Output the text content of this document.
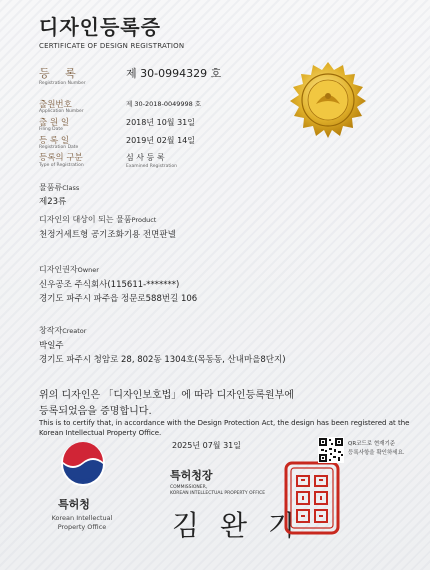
디자인등록증
CERTIFICATE OF DESIGN REGISTRATION
등 록
Registration Number
제 30-0994329 호
출원번호
Application Number
제 30-2018-0049998 호
출 원 일
Filing Date
2018년 10월 31일
등 록 일
Registration Date
2019년 02월 14일
등록의 구분
Type of Registration
심 사 등 록
Examined Registration
물품류Class
제23류
디자인의 대상이 되는 물품Product
천정거세트형 공기조화기용 전면판넬
디자인권자Owner
신우공조 주식회사(115611-*******)
경기도 파주시 파주읍 정문로588번길 106
창작자Creator
박일주
경기도 파주시 청암로 28, 802동 1304호(목동동, 산내마을8단지)
위의 디자인은 「디자인보호법」에 따라 디자인등록원부에
등록되었음을 증명합니다.
This is to certify that, in accordance with the Design Protection Act, the design has been registered at the
Korean Intellectual Property Office.
특허청
Korean Intellectual
Property Office
2025년 07월 31일
특허청장
COMMISSIONER,
KOREAN INTELLECTUAL PROPERTY OFFICE
김 완 기
QR코드로 현재기준
등록사항을 확인하세요.
